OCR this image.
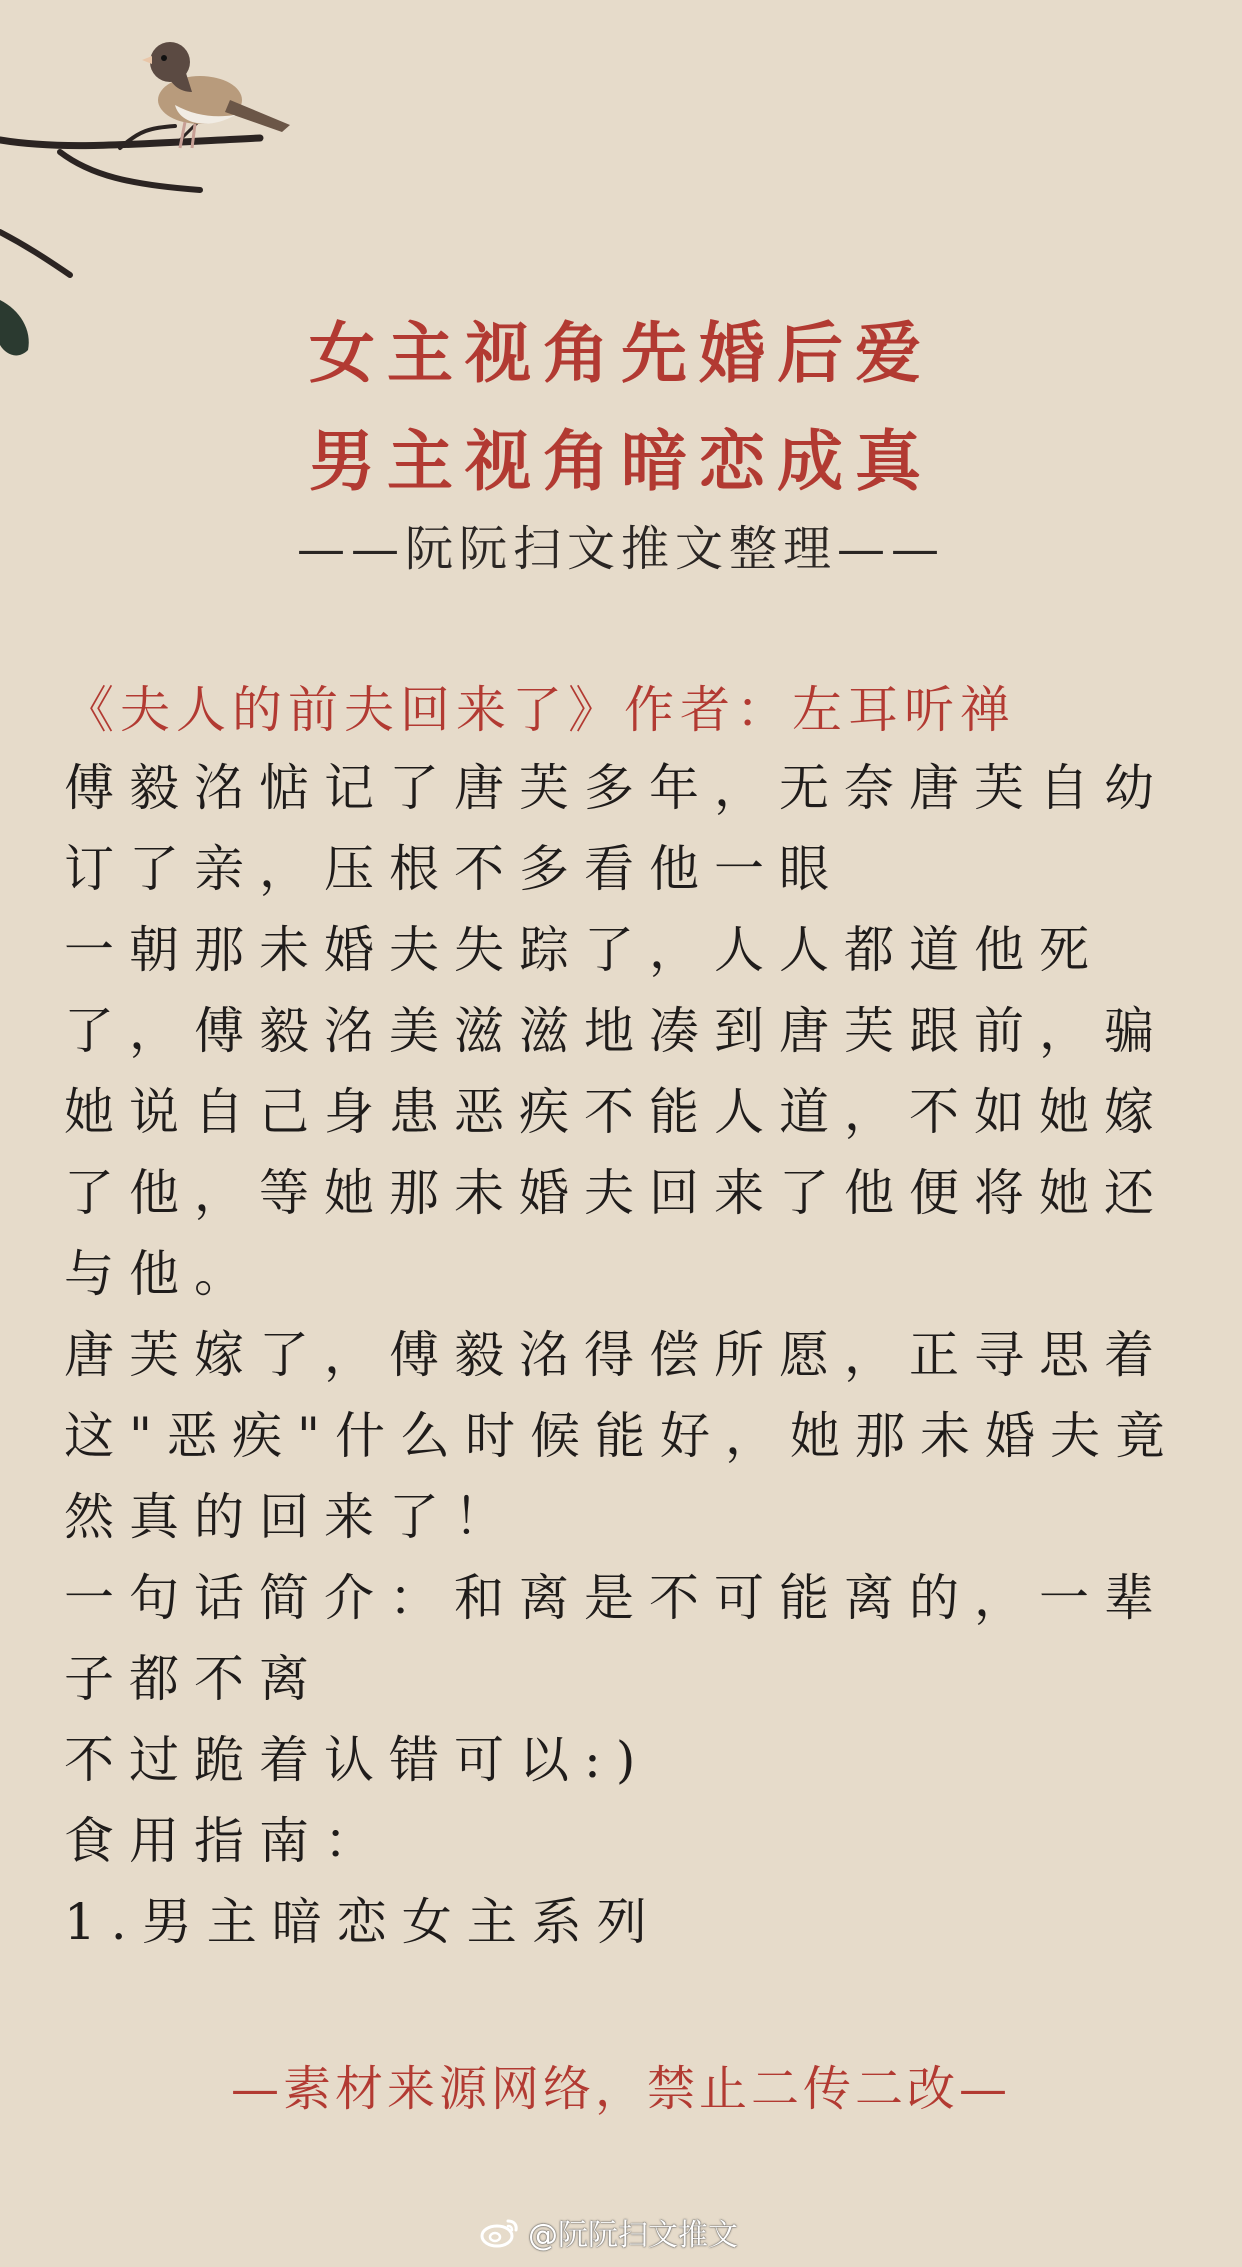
女主视角先婚后爱
男主视角暗恋成真
——阮阮扫文推文整理——
《夫人的前夫回来了》作者：左耳听禅

傅毅洺惦记了唐芙多年，无奈唐芙自幼订了亲，压根不多看他一眼

一朝那未婚夫失踪了，人人都道他死了，傅毅洺美滋滋地凑到唐芙跟前，骗她说自己身患恶疾不能人道，不如她嫁了他，等她那未婚夫回来了他便将她还与他。

唐芙嫁了，傅毅洺得偿所愿，正寻思着这"恶疾"什么时候能好，她那未婚夫竟然真的回来了！

一句话简介：和离是不可能离的，一辈子都不离

不过跪着认错可以:)

食用指南：

1.男主暗恋女主系列

—素材来源网络，禁止二传二改—
@阮阮扫文推文
